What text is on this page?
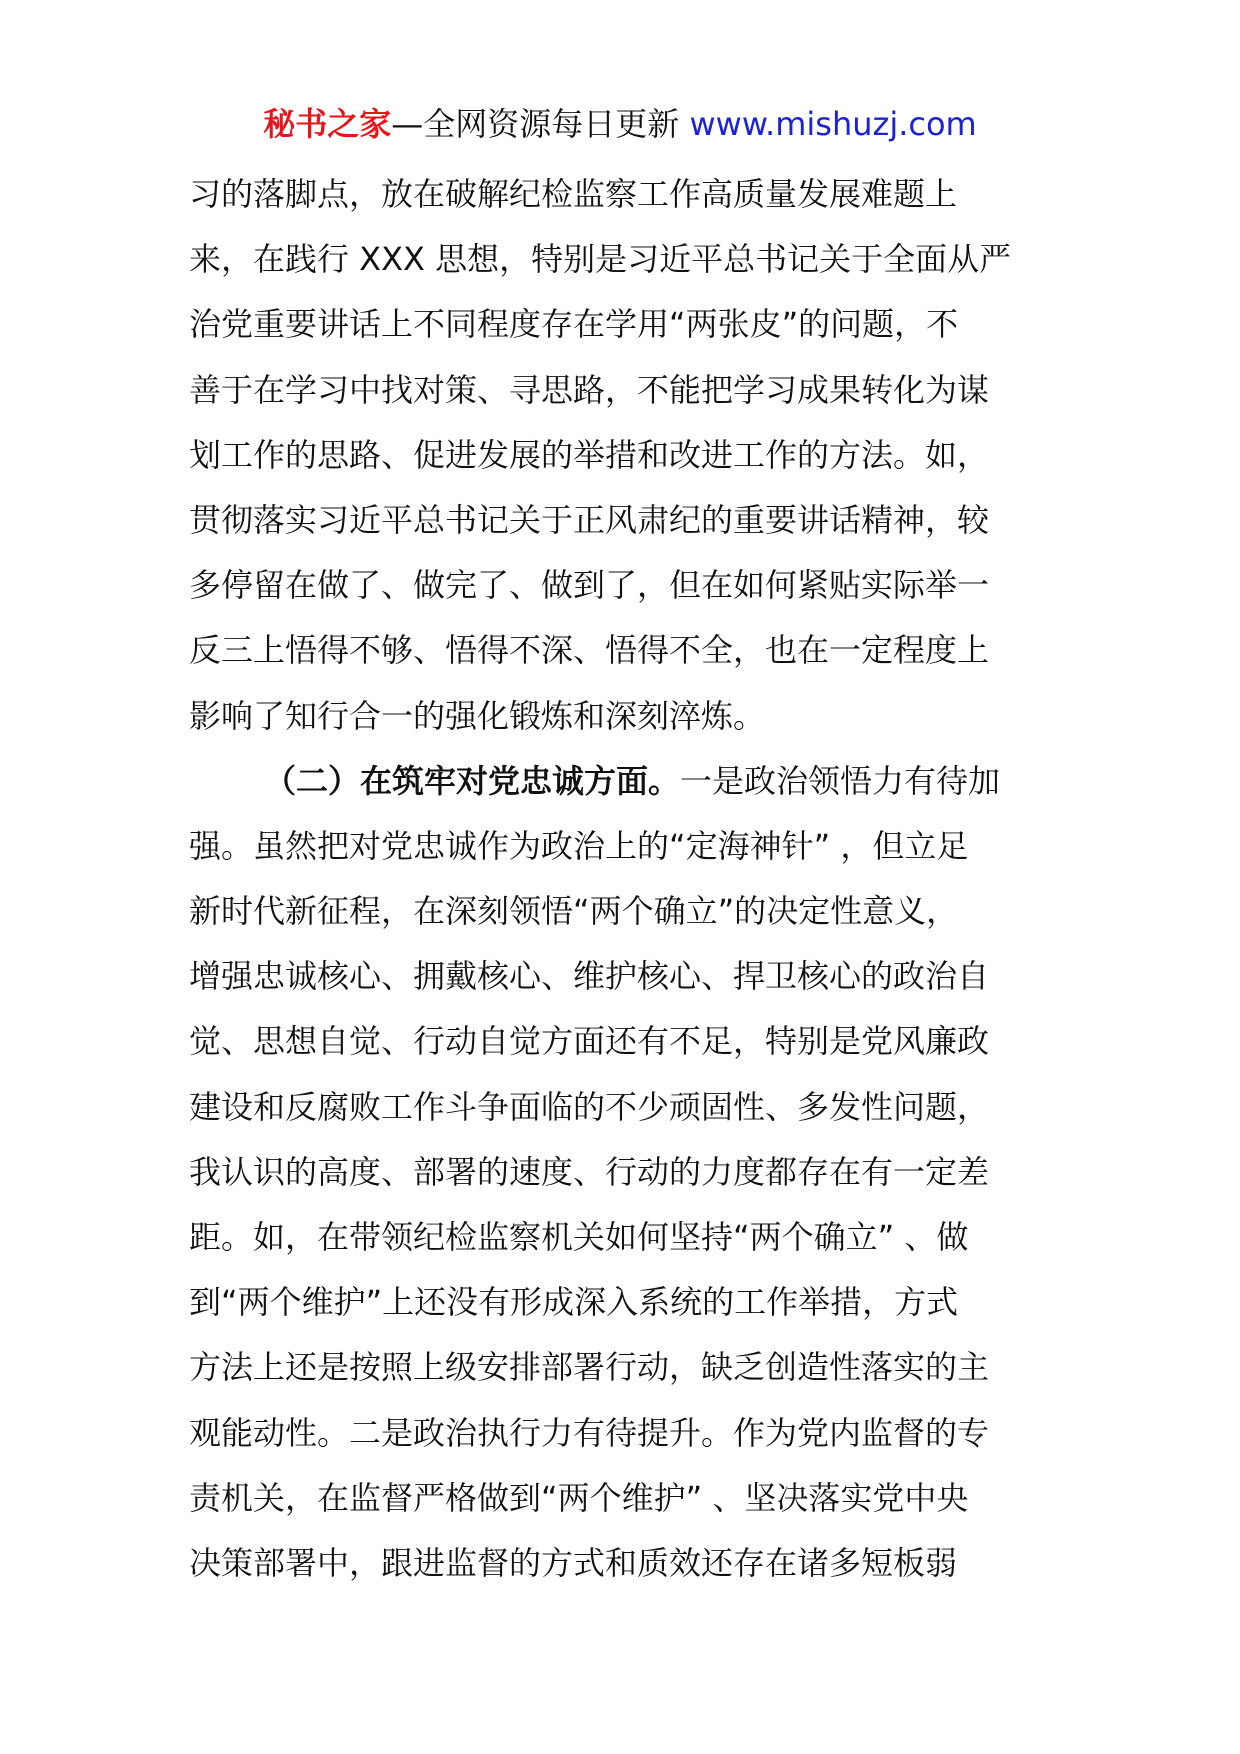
秘书之家—全网资源每日更新 www.mishuzj.com
习的落脚点，放在破解纪检监察工作高质量发展难题上
来，在践行 XXX 思想，特别是习近平总书记关于全面从严
治党重要讲话上不同程度存在学用“两张皮”的问题，不
善于在学习中找对策、寻思路，不能把学习成果转化为谋
划工作的思路、促进发展的举措和改进工作的方法。如，
贯彻落实习近平总书记关于正风肃纪的重要讲话精神，较
多停留在做了、做完了、做到了，但在如何紧贴实际举一
反三上悟得不够、悟得不深、悟得不全，也在一定程度上
影响了知行合一的强化锻炼和深刻淬炼。
（二）在筑牢对党忠诚方面。一是政治领悟力有待加
强。虽然把对党忠诚作为政治上的“定海神针” ，但立足
新时代新征程，在深刻领悟“两个确立”的决定性意义，
增强忠诚核心、拥戴核心、维护核心、捍卫核心的政治自
觉、思想自觉、行动自觉方面还有不足，特别是党风廉政
建设和反腐败工作斗争面临的不少顽固性、多发性问题，
我认识的高度、部署的速度、行动的力度都存在有一定差
距。如，在带领纪检监察机关如何坚持“两个确立” 、做
到“两个维护”上还没有形成深入系统的工作举措，方式
方法上还是按照上级安排部署行动，缺乏创造性落实的主
观能动性。二是政治执行力有待提升。作为党内监督的专
责机关，在监督严格做到“两个维护” 、坚决落实党中央
决策部署中，跟进监督的方式和质效还存在诸多短板弱
